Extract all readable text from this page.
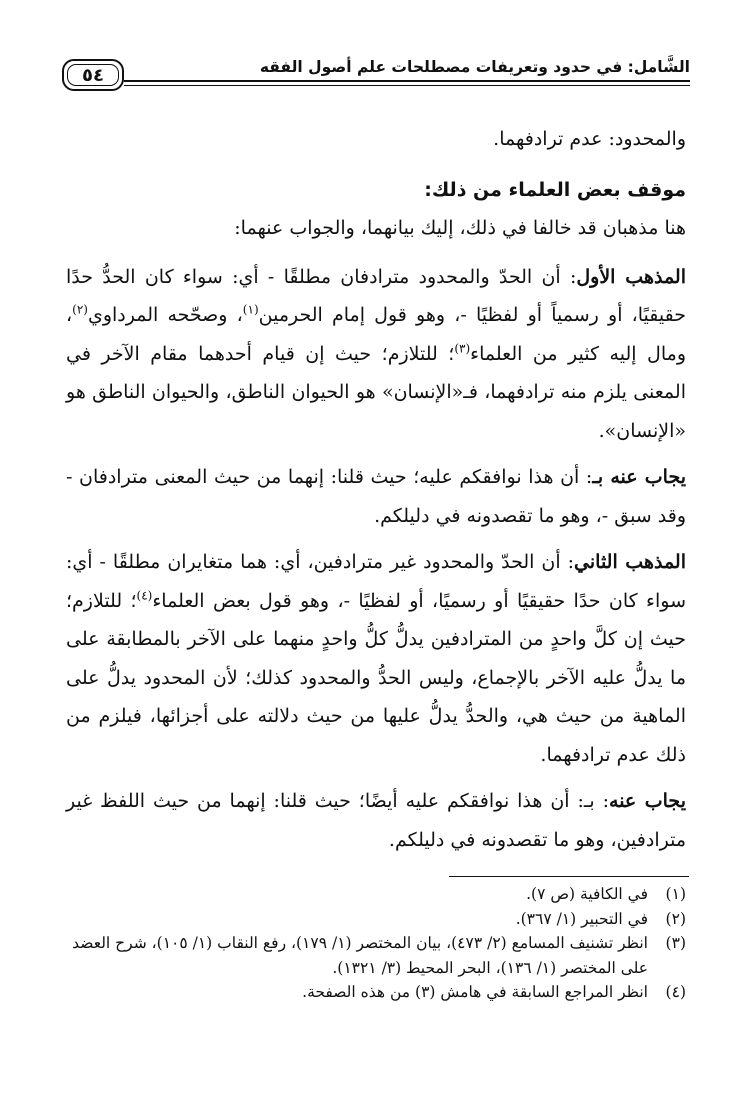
٥٤	الشَّامل: في حدود وتعريفات مصطلحات علم أصول الفقه

والمحدود: عدم ترادفهما.

موقف بعض العلماء من ذلك:

هنا مذهبان قد خالفا في ذلك، إليك بيانهما، والجواب عنهما:

المذهب الأول: أن الحدّ والمحدود مترادفان مطلقًا - أي: سواء كان الحدُّ حدًا حقيقيًا، أو رسمياً أو لفظيًا -، وهو قول إمام الحرمين$^{(١)}$، وصحّحه المرداوي$^{(٢)}$، ومال إليه كثير من العلماء$^{(٣)}$؛ للتلازم؛ حيث إن قيام أحدهما مقام الآخر في المعنى يلزم منه ترادفهما، فـ«الإنسان» هو الحيوان الناطق، والحيوان الناطق هو «الإنسان».

يجاب عنه بـ: أن هذا نوافقكم عليه؛ حيث قلنا: إنهما من حيث المعنى مترادفان - وقد سبق -، وهو ما تقصدونه في دليلكم.

المذهب الثاني: أن الحدّ والمحدود غير مترادفين، أي: هما متغايران مطلقًا - أي: سواء كان حدًا حقيقيًا أو رسميًا، أو لفظيًا -، وهو قول بعض العلماء$^{(٤)}$؛ للتلازم؛ حيث إن كلَّ واحدٍ من المترادفين يدلُّ كلُّ واحدٍ منهما على الآخر بالمطابقة على ما يدلُّ عليه الآخر بالإجماع، وليس الحدُّ والمحدود كذلك؛ لأن المحدود يدلُّ على الماهية من حيث هي، والحدُّ يدلُّ عليها من حيث دلالته على أجزائها، فيلزم من ذلك عدم ترادفهما.

يجاب عنه: بـ: أن هذا نوافقكم عليه أيضًا؛ حيث قلنا: إنهما من حيث اللفظ غير مترادفين، وهو ما تقصدونه في دليلكم.

(١)
في الكافية (ص ٧).
(٢)
في التحبير (١/ ٣٦٧).
(٣)
انظر تشنيف المسامع (٢/ ٤٧٣)، بيان المختصر (١/ ١٧٩)، رفع النقاب (١/ ١٠٥)، شرح العضد على المختصر (١/ ١٣٦)، البحر المحيط (٣/ ١٣٢١).
(٤)
انظر المراجع السابقة في هامش (٣) من هذه الصفحة.
